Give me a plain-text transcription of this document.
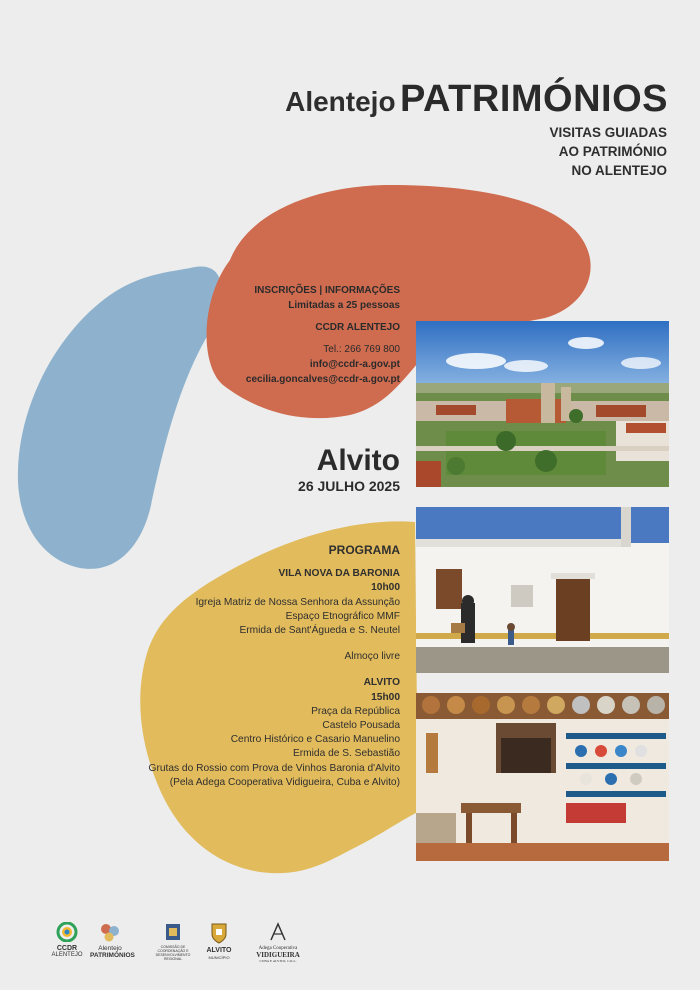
Alentejo PATRIMÓNIOS
VISITAS GUIADAS
AO PATRIMÓNIO
NO ALENTEJO
INSCRIÇÕES | INFORMAÇÕES
Limitadas a 25 pessoas
CCDR ALENTEJO
Tel.: 266 769 800
info@ccdr-a.gov.pt
cecilia.goncalves@ccdr-a.gov.pt
Alvito
26 JULHO 2025
PROGRAMA
VILA NOVA DA BARONIA
10h00
Igreja Matriz de Nossa Senhora da Assunção
Espaço Etnográfico MMF
Ermida de Sant'Águeda e S. Neutel
Almoço livre
ALVITO
15h00
Praça da República
Castelo Pousada
Centro Histórico e Casario Manuelino
Ermida de S. Sebastião
Grutas do Rossio com Prova de Vinhos Baronia d'Alvito
(Pela Adega Cooperativa Vidigueira, Cuba e Alvito)
CCDR
ALENTEJO
Alentejo
PATRIMÓNIOS
COMISSÃO DE COORDENAÇÃO E DESENVOLVIMENTO REGIONAL
ALVITO
MUNICÍPIO
Adega Cooperativa
VIDIGUEIRA
CUBA E ALVITO, C.R.L.
